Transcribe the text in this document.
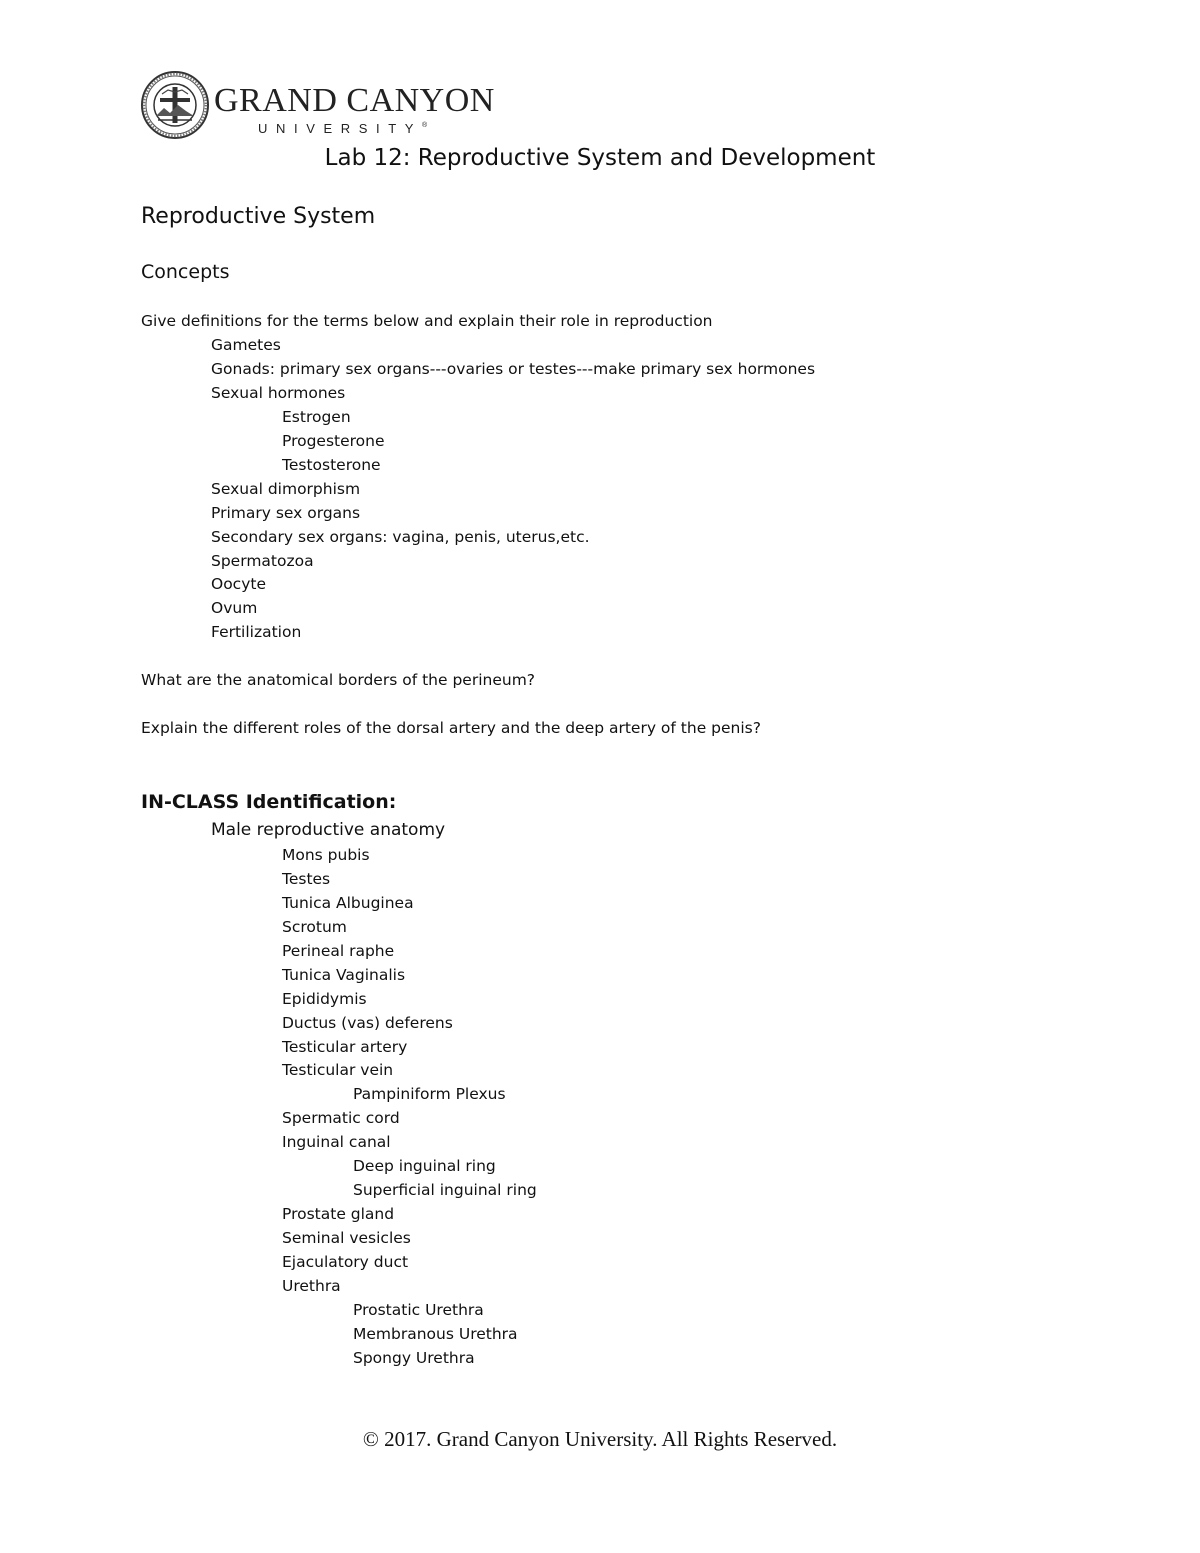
GRAND CANYON
UNIVERSITY®
Lab 12: Reproductive System and Development
Reproductive System
Concepts
Give definitions for the terms below and explain their role in reproduction
Gametes
Gonads: primary sex organs---ovaries or testes---make primary sex hormones
Sexual hormones
Estrogen
Progesterone
Testosterone
Sexual dimorphism
Primary sex organs
Secondary sex organs: vagina, penis, uterus,etc.
Spermatozoa
Oocyte
Ovum
Fertilization
What are the anatomical borders of the perineum?
Explain the different roles of the dorsal artery and the deep artery of the penis?
IN-CLASS Identification:
Male reproductive anatomy
Mons pubis
Testes
Tunica Albuginea
Scrotum
Perineal raphe
Tunica Vaginalis
Epididymis
Ductus (vas) deferens
Testicular artery
Testicular vein
Pampiniform Plexus
Spermatic cord
Inguinal canal
Deep inguinal ring
Superficial inguinal ring
Prostate gland
Seminal vesicles
Ejaculatory duct
Urethra
Prostatic Urethra
Membranous Urethra
Spongy Urethra
© 2017. Grand Canyon University. All Rights Reserved.
